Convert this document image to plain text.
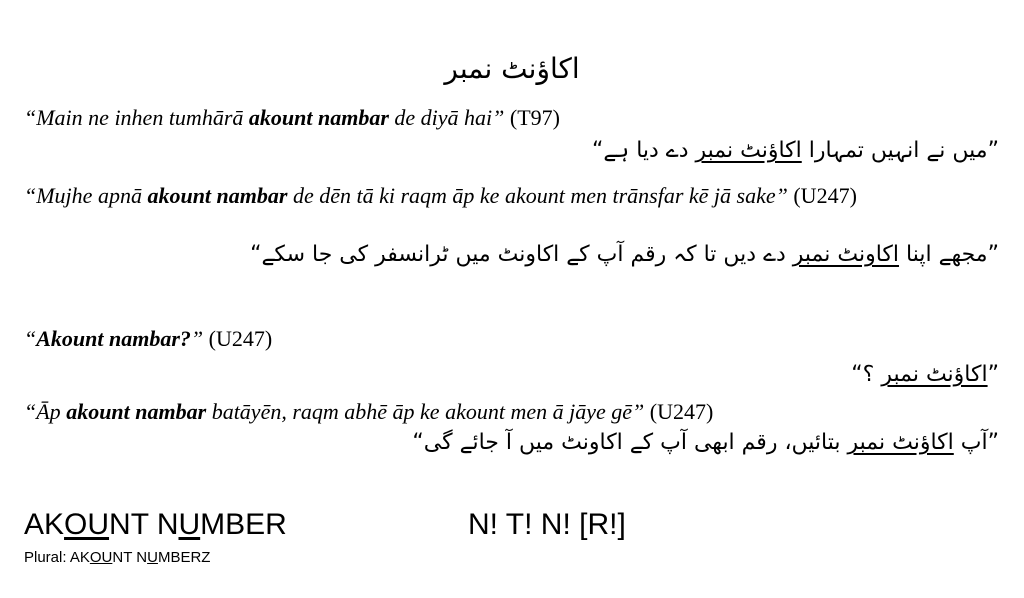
اکاؤنٹ نمبر
“Main ne inhen tumhārā akount nambar de diyā hai” (T97)
”میں نے انہیں تمہارا اکاؤنٹ نمبر دے دیا ہے“
“Mujhe apnā akount nambar de dēn tā ki raqm āp ke akount men trānsfar kē jā sake” (U247)
”مجھے اپنا اکاونٹ نمبر دے دیں تا کہ رقم آپ کے اکاونٹ میں ٹرانسفر کی جا سکے“
“Akount nambar?” (U247)
”اکاؤنٹ نمبر ؟“
“Āp akount nambar batāyēn, raqm abhē āp ke akount men ā jāye gē” (U247)
”آپ اکاؤنٹ نمبر بتائیں، رقم ابھی آپ کے اکاونٹ میں آ جائے گی“
AKOUNT NUMBER	N! T! N! [R!]
Plural: AKOUNT NUMBERZ
